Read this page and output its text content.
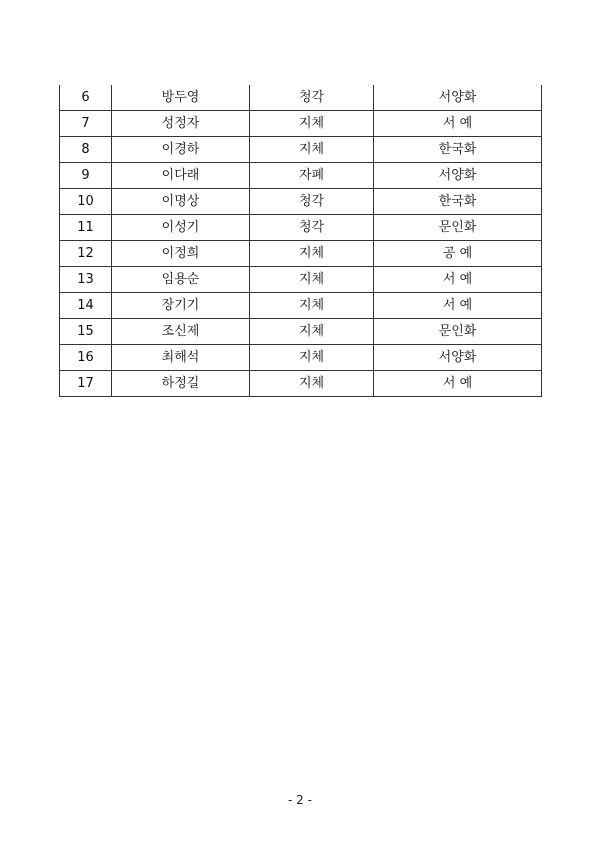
6	방두영	청각	서양화
7	성정자	지체	서 예
8	이경하	지체	한국화
9	이다래	자폐	서양화
10	이명상	청각	한국화
11	이성기	청각	문인화
12	이정희	지체	공 예
13	임용순	지체	서 예
14	장기기	지체	서 예
15	조신제	지체	문인화
16	최해석	지체	서양화
17	하정길	지체	서 예
- 2 -
